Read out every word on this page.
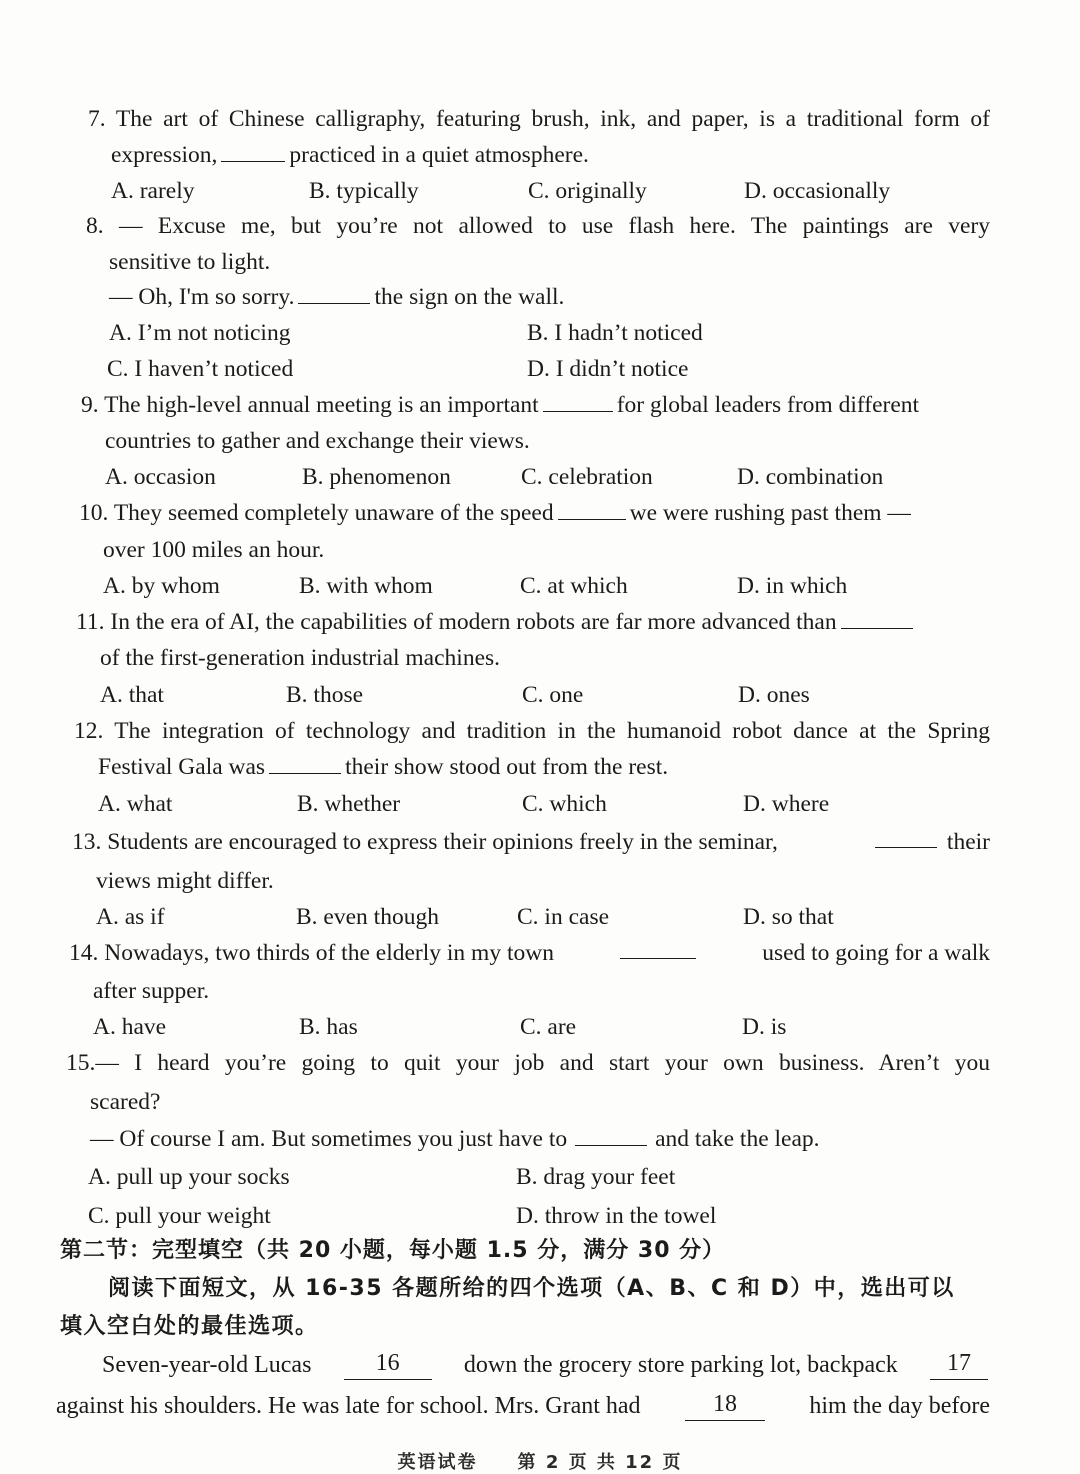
7. The art of Chinese calligraphy, featuring brush, ink, and paper, is a traditional form of
expression,	practiced in a quiet atmosphere.
A. rarely	B. typically	C. originally	D. occasionally
8. — Excuse me, but you’re not allowed to use flash here. The paintings are very
sensitive to light.
— Oh, I'm so sorry.	the sign on the wall.
A. I’m not noticing	B. I hadn’t noticed
C. I haven’t noticed	D. I didn’t notice
9. The high-level annual meeting is an important	for global leaders from different
countries to gather and exchange their views.
A. occasion	B. phenomenon	C. celebration	D. combination
10. They seemed completely unaware of the speed	we were rushing past them —
over 100 miles an hour.
A. by whom	B. with whom	C. at which	D. in which
11. In the era of AI, the capabilities of modern robots are far more advanced than
of the first-generation industrial machines.
A. that	B. those	C. one	D. ones
12. The integration of technology and tradition in the humanoid robot dance at the Spring
Festival Gala was	their show stood out from the rest.
A. what	B. whether	C. which	D. where
13. Students are encouraged to express their opinions freely in the seminar,	their
views might differ.
A. as if	B. even though	C. in case	D. so that
14. Nowadays, two thirds of the elderly in my town	used to going for a walk
after supper.
A. have	B. has	C. are	D. is
15.— I heard you’re going to quit your job and start your own business. Aren’t you
scared?
— Of course I am. But sometimes you just have to	and take the leap.
A. pull up your socks	B. drag your feet
C. pull your weight	D. throw in the towel
第二节：完型填空（共 20 小题，每小题 1.5 分，满分 30 分）
阅读下面短文，从 16-35 各题所给的四个选项（A、B、C 和 D）中，选出可以
填入空白处的最佳选项。
Seven-year-old Lucas	16	down the grocery store parking lot, backpack	17
against his shoulders. He was late for school. Mrs. Grant had	18	him the day before
英语试卷　　第 2 页 共 12 页
